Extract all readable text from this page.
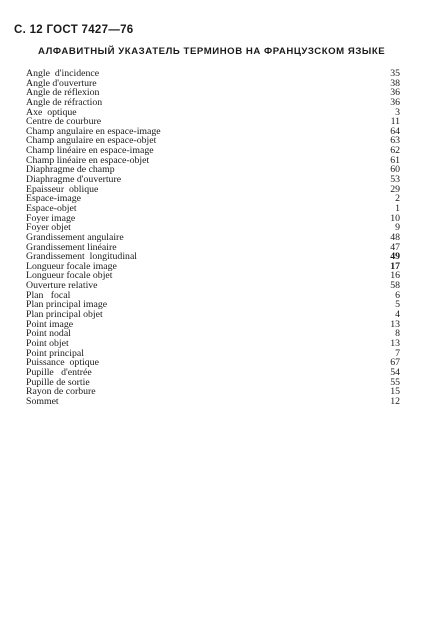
С. 12 ГОСТ 7427—76
АЛФАВИТНЫЙ УКАЗАТЕЛЬ ТЕРМИНОВ НА ФРАНЦУЗСКОМ ЯЗЫКЕ
Angle  d'incidence	35
Angle d'ouverture	38
Angle de réflexion	36
Angle de réfraction	36
Axe  optique	3
Centre de courbure	11
Champ angulaire en espace-image	64
Champ angulaire en espace-objet	63
Champ linéaire en espace-image	62
Champ linéaire en espace-objet	61
Diaphragme de champ	60
Diaphragme d'ouverture	53
Epaisseur  oblique	29
Espace-image	2
Espace-objet	1
Foyer image	10
Foyer objet	9
Grandissement angulaire	48
Grandissement linéaire	47
Grandissement  longitudinal	49
Longueur focale image	17
Longueur focale objet	16
Ouverture relative	58
Plan   focal	6
Plan principal image	5
Plan principal objet	4
Point image	13
Point nodal	8
Point objet	13
Point principal	7
Puissance  optique	67
Pupille   d'entrée	54
Pupille de sortie	55
Rayon de corbure	15
Sommet	12
